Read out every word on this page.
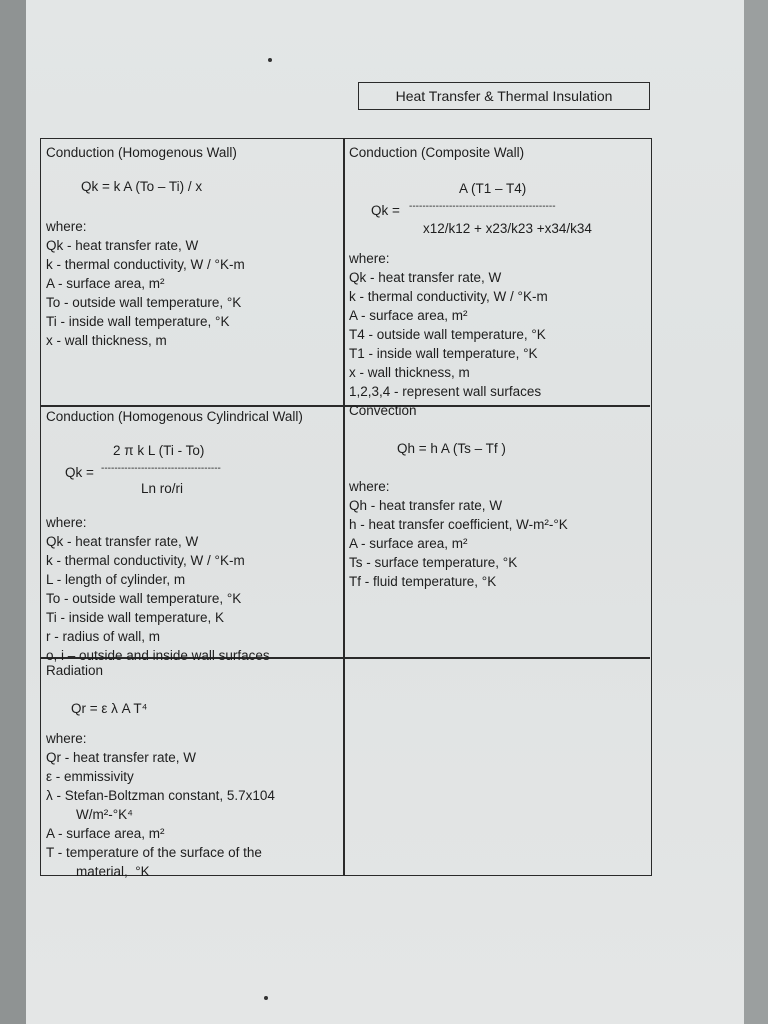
Heat Transfer & Thermal Insulation
Conduction (Homogenous Wall)
Qk = k A (To – Ti) / x
where:
Qk - heat transfer rate, W
k - thermal conductivity, W / °K-m
A - surface area, m²
To - outside wall temperature, °K
Ti - inside wall temperature, °K
x - wall thickness, m
Conduction (Composite Wall)
A (T1 – T4)
Qk = --------------------------------------------
x12/k12 + x23/k23 +x34/k34
where:
Qk - heat transfer rate, W
k - thermal conductivity, W / °K-m
A - surface area, m²
T4 - outside wall temperature, °K
T1 - inside wall temperature, °K
x - wall thickness, m
1,2,3,4 - represent wall surfaces
Conduction (Homogenous Cylindrical Wall)
2 π k L (Ti - To)
Qk = ------------------------------------
Ln ro/ri
where:
Qk - heat transfer rate, W
k - thermal conductivity, W / °K-m
L - length of cylinder, m
To - outside wall temperature, °K
Ti - inside wall temperature, K
r - radius of wall, m
o, i – outside and inside wall surfaces
Convection
Qh = h A (Ts – Tf )
where:
Qh - heat transfer rate, W
h - heat transfer coefficient, W-m²-°K
A - surface area, m²
Ts - surface temperature, °K
Tf - fluid temperature, °K
Radiation
Qr = ε λ A T⁴
where:
Qr - heat transfer rate, W
ε - emmissivity
λ - Stefan-Boltzman constant, 5.7x104
W/m²-°K⁴
A - surface area, m²
T - temperature of the surface of the
material,  °K
